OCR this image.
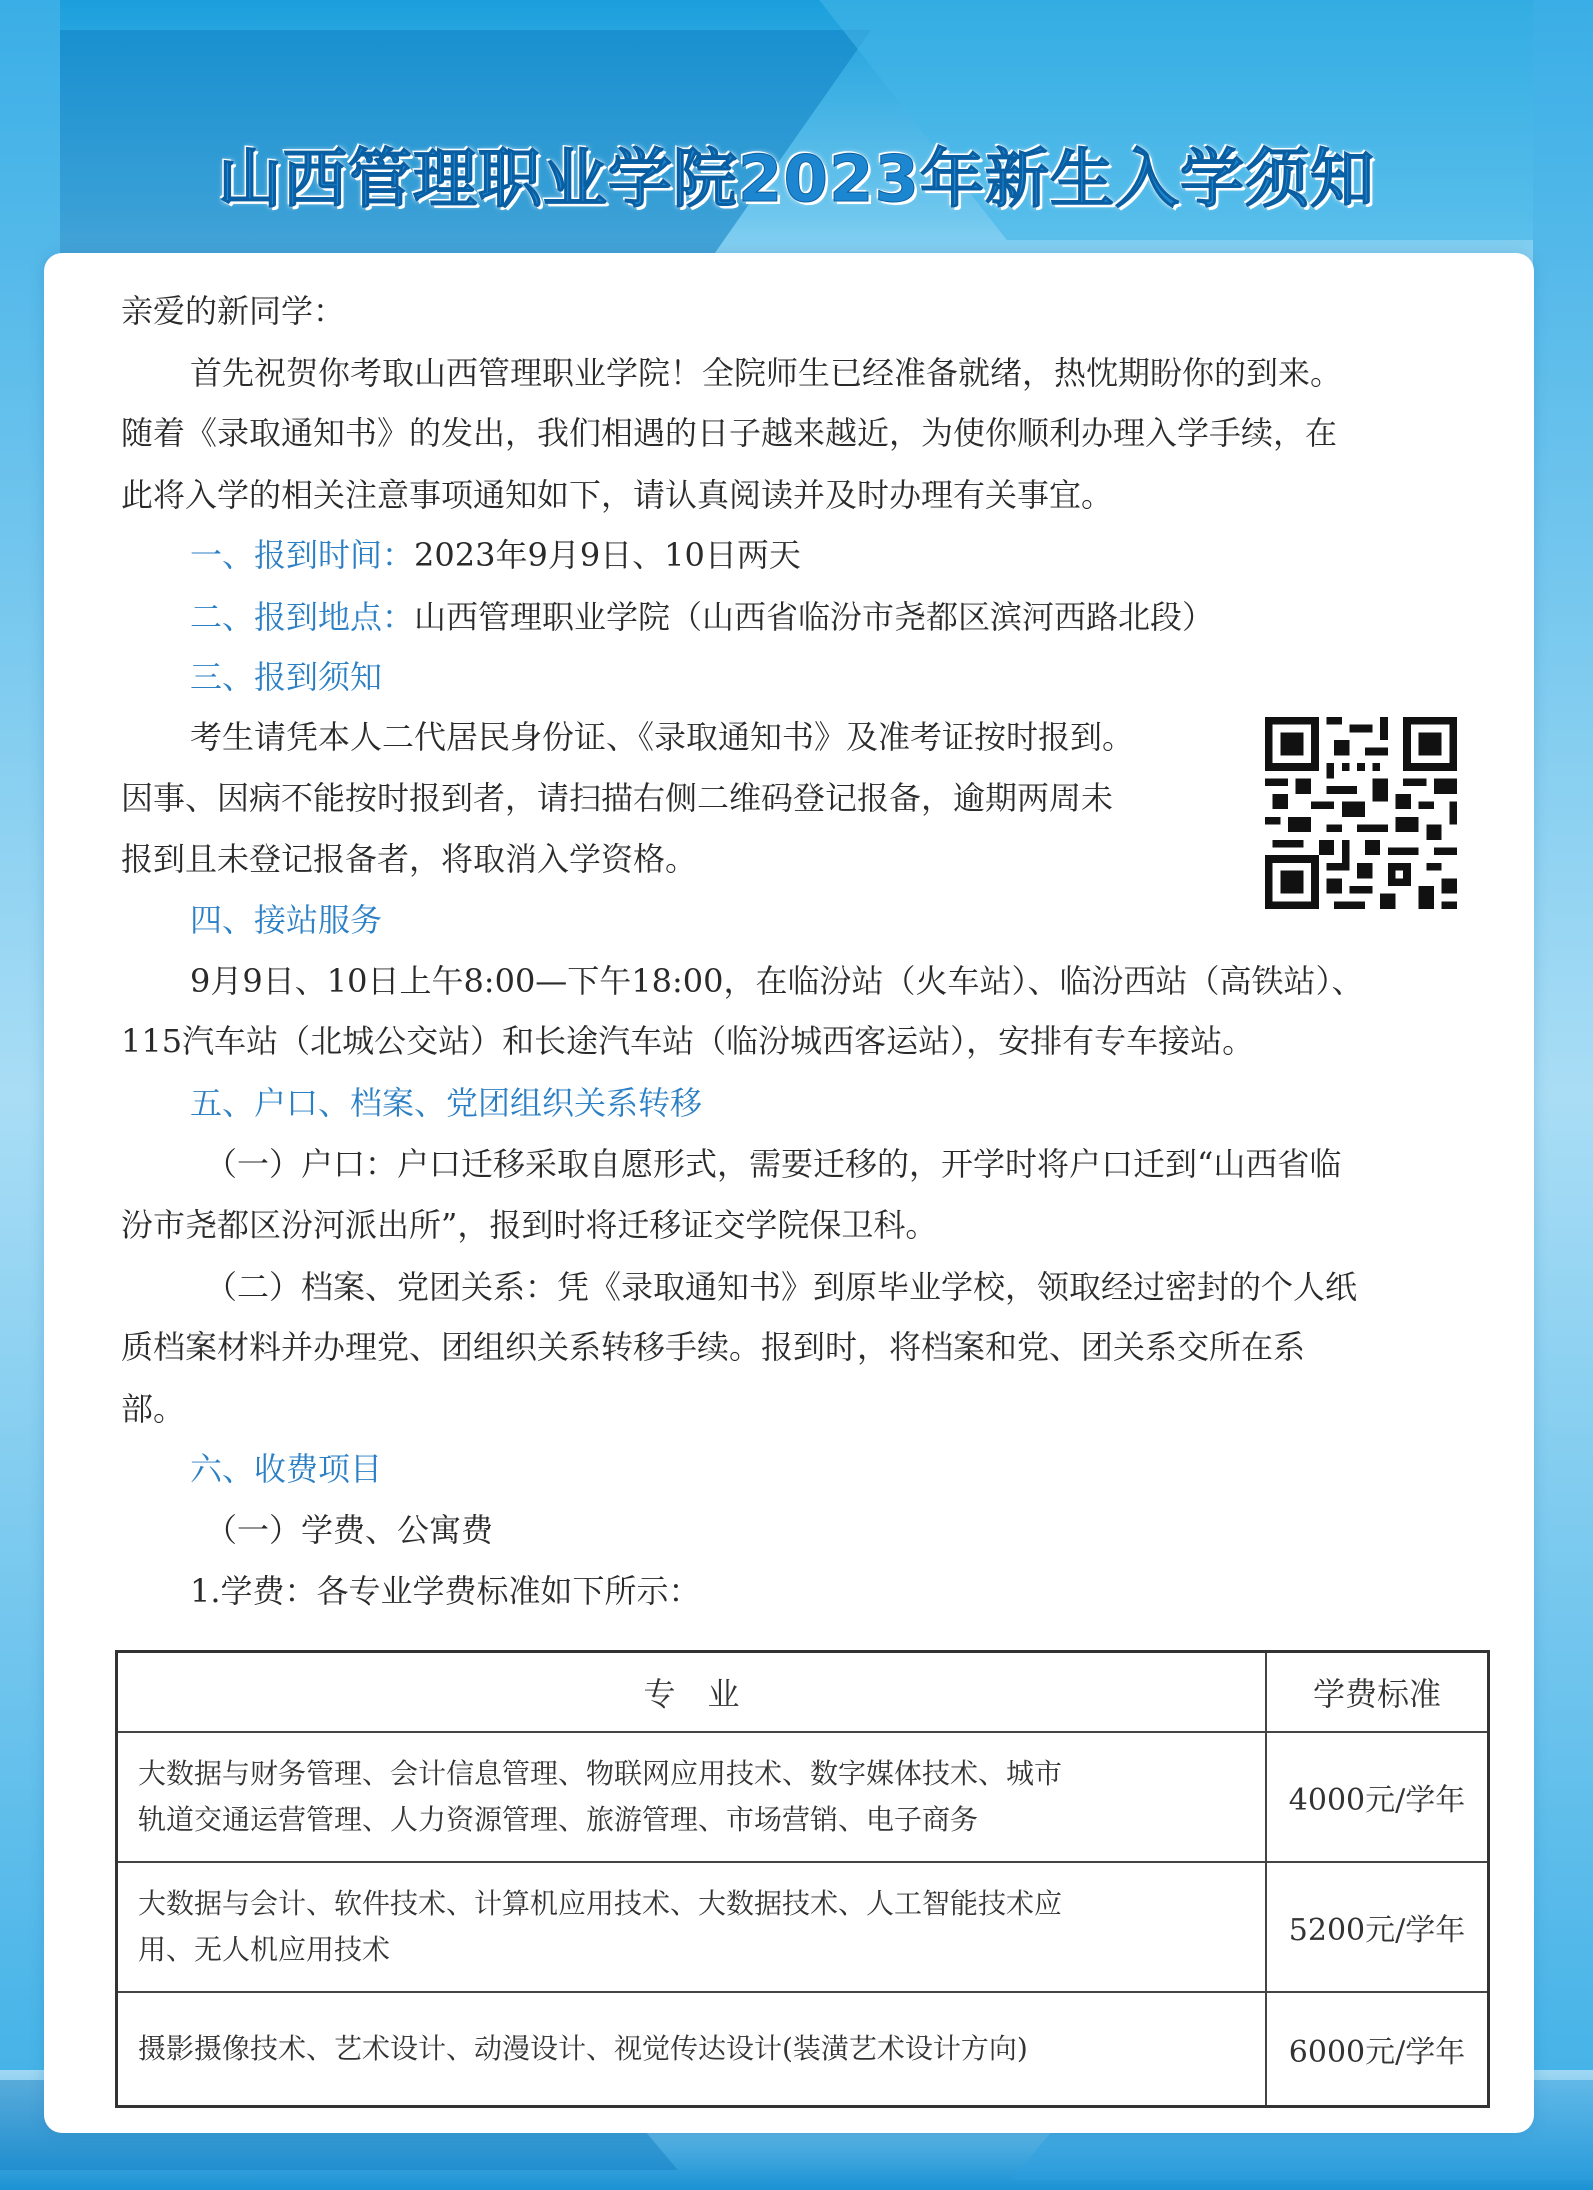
山西管理职业学院2023年新生入学须知
亲爱的新同学：
首先祝贺你考取山西管理职业学院！全院师生已经准备就绪，热忱期盼你的到来。
随着《录取通知书》的发出，我们相遇的日子越来越近，为使你顺利办理入学手续，在
此将入学的相关注意事项通知如下，请认真阅读并及时办理有关事宜。
一、报到时间：2023年9月9日、10日两天
二、报到地点：山西管理职业学院（山西省临汾市尧都区滨河西路北段）
三、报到须知
考生请凭本人二代居民身份证、《录取通知书》及准考证按时报到。
因事、因病不能按时报到者，请扫描右侧二维码登记报备，逾期两周未
报到且未登记报备者，将取消入学资格。
四、接站服务
9月9日、10日上午8:00—下午18:00，在临汾站（火车站）、临汾西站（高铁站）、
115汽车站（北城公交站）和长途汽车站（临汾城西客运站），安排有专车接站。
五、户口、档案、党团组织关系转移
（一）户口：户口迁移采取自愿形式，需要迁移的，开学时将户口迁到“山西省临
汾市尧都区汾河派出所”，报到时将迁移证交学院保卫科。
（二）档案、党团关系：凭《录取通知书》到原毕业学校，领取经过密封的个人纸
质档案材料并办理党、团组织关系转移手续。报到时，将档案和党、团关系交所在系
部。
六、收费项目
（一）学费、公寓费
1.学费：各专业学费标准如下所示：
专　业	学费标准

大数据与财务管理、会计信息管理、物联网应用技术、数字媒体技术、城市
轨道交通运营管理、人力资源管理、旅游管理、市场营销、电子商务	4000元/学年

大数据与会计、软件技术、计算机应用技术、大数据技术、人工智能技术应
用、无人机应用技术	5200元/学年

摄影摄像技术、艺术设计、动漫设计、视觉传达设计(装潢艺术设计方向)	6000元/学年
